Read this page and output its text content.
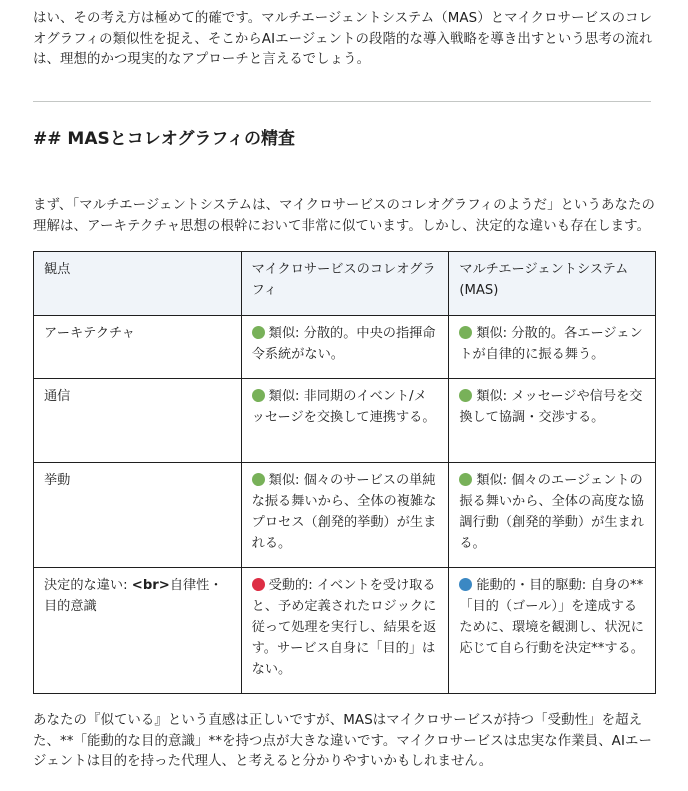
はい、その考え方は極めて的確です。マルチエージェントシステム（MAS）とマイクロサービスのコレオグラフィの類似性を捉え、そこからAIエージェントの段階的な導入戦略を導き出すという思考の流れは、理想的かつ現実的なアプローチと言えるでしょう。

## MASとコレオグラフィの精査

まず、「マルチエージェントシステムは、マイクロサービスのコレオグラフィのようだ」というあなたの理解は、アーキテクチャ思想の根幹において非常に似ています。しかし、決定的な違いも存在します。

観点	マイクロサービスのコレオグラフィ	マルチエージェントシステム(MAS)
アーキテクチャ	類似: 分散的。中央の指揮命令系統がない。	類似: 分散的。各エージェントが自律的に振る舞う。
通信	類似: 非同期のイベント/メッセージを交換して連携する。	類似: メッセージや信号を交換して協調・交渉する。
挙動	類似: 個々のサービスの単純な振る舞いから、全体の複雑なプロセス（創発的挙動）が生まれる。	類似: 個々のエージェントの振る舞いから、全体の高度な協調行動（創発的挙動）が生まれる。
決定的な違い: <br>自律性・目的意識	受動的: イベントを受け取ると、予め定義されたロジックに従って処理を実行し、結果を返す。サービス自身に「目的」はない。	能動的・目的駆動: 自身の**「目的（ゴール）」を達成するために、環境を観測し、状況に応じて自ら行動を決定**する。

あなたの『似ている』という直感は正しいですが、MASはマイクロサービスが持つ「受動性」を超えた、**「能動的な目的意識」**を持つ点が大きな違いです。マイクロサービスは忠実な作業員、AIエージェントは目的を持った代理人、と考えると分かりやすいかもしれません。
